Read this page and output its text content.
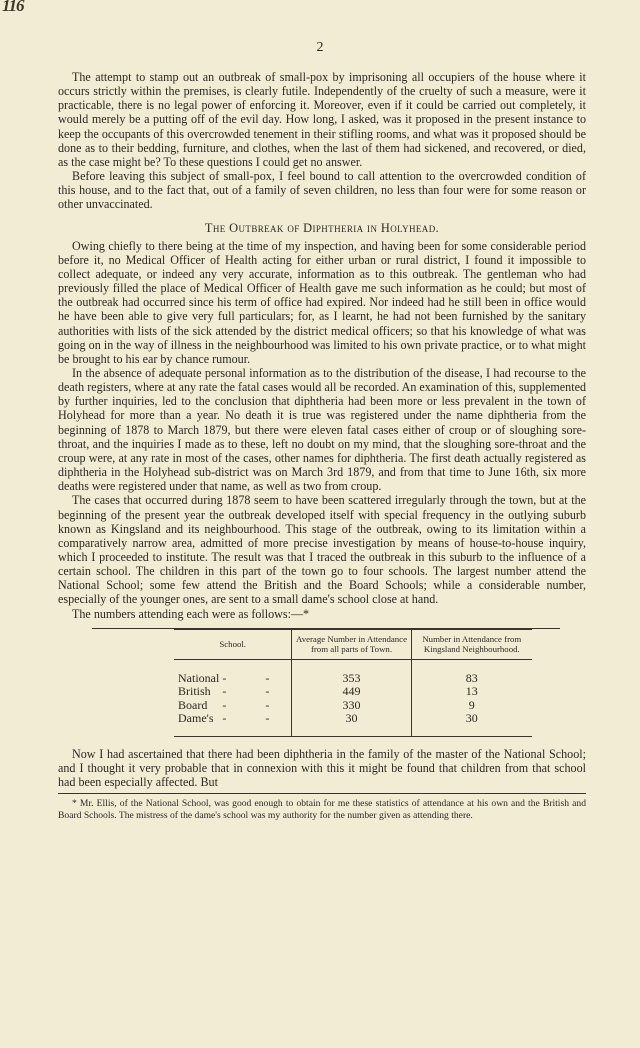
116
2

The attempt to stamp out an outbreak of small-pox by imprisoning all occupiers of the house where it occurs strictly within the premises, is clearly futile. Independently of the cruelty of such a measure, were it practicable, there is no legal power of enforcing it. Moreover, even if it could be carried out completely, it would merely be a putting off of the evil day. How long, I asked, was it proposed in the present instance to keep the occupants of this overcrowded tenement in their stifling rooms, and what was it proposed should be done as to their bedding, furniture, and clothes, when the last of them had sickened, and recovered, or died, as the case might be? To these questions I could get no answer.

Before leaving this subject of small-pox, I feel bound to call attention to the overcrowded condition of this house, and to the fact that, out of a family of seven children, no less than four were for some reason or other unvaccinated.

The Outbreak of Diphtheria in Holyhead.

Owing chiefly to there being at the time of my inspection, and having been for some considerable period before it, no Medical Officer of Health acting for either urban or rural district, I found it impossible to collect adequate, or indeed any very accurate, information as to this outbreak. The gentleman who had previously filled the place of Medical Officer of Health gave me such information as he could; but most of the outbreak had occurred since his term of office had expired. Nor indeed had he still been in office would he have been able to give very full particulars; for, as I learnt, he had not been furnished by the sanitary authorities with lists of the sick attended by the district medical officers; so that his knowledge of what was going on in the way of illness in the neighbourhood was limited to his own private practice, or to what might be brought to his ear by chance rumour.

In the absence of adequate personal information as to the distribution of the disease, I had recourse to the death registers, where at any rate the fatal cases would all be recorded. An examination of this, supplemented by further inquiries, led to the conclusion that diphtheria had been more or less prevalent in the town of Holyhead for more than a year. No death it is true was registered under the name diphtheria from the beginning of 1878 to March 1879, but there were eleven fatal cases either of croup or of sloughing sore-throat, and the inquiries I made as to these, left no doubt on my mind, that the sloughing sore-throat and the croup were, at any rate in most of the cases, other names for diphtheria. The first death actually registered as diphtheria in the Holyhead sub-district was on March 3rd 1879, and from that time to June 16th, six more deaths were registered under that name, as well as two from croup.

The cases that occurred during 1878 seem to have been scattered irregularly through the town, but at the beginning of the present year the outbreak developed itself with special frequency in the outlying suburb known as Kingsland and its neighbourhood. This stage of the outbreak, owing to its limitation within a comparatively narrow area, admitted of more precise investigation by means of house-to-house inquiry, which I proceeded to institute. The result was that I traced the outbreak in this suburb to the influence of a certain school. The children in this part of the town go to four schools. The largest number attend the National School; some few attend the British and the Board Schools; while a considerable number, especially of the younger ones, are sent to a small dame's school close at hand.

The numbers attending each were as follows:—*

School.	Average Number in Attendance from all parts of Town.	Number in Attendance from Kingsland Neighbourhood.

National - -	353	83

British - -	449	13

Board - -	330	9

Dame's - -	30	30

Now I had ascertained that there had been diphtheria in the family of the master of the National School; and I thought it very probable that in connexion with this it might be found that children from that school had been especially affected. But

* Mr. Ellis, of the National School, was good enough to obtain for me these statistics of attendance at his own and the British and Board Schools. The mistress of the dame's school was my authority for the number given as attending there.
